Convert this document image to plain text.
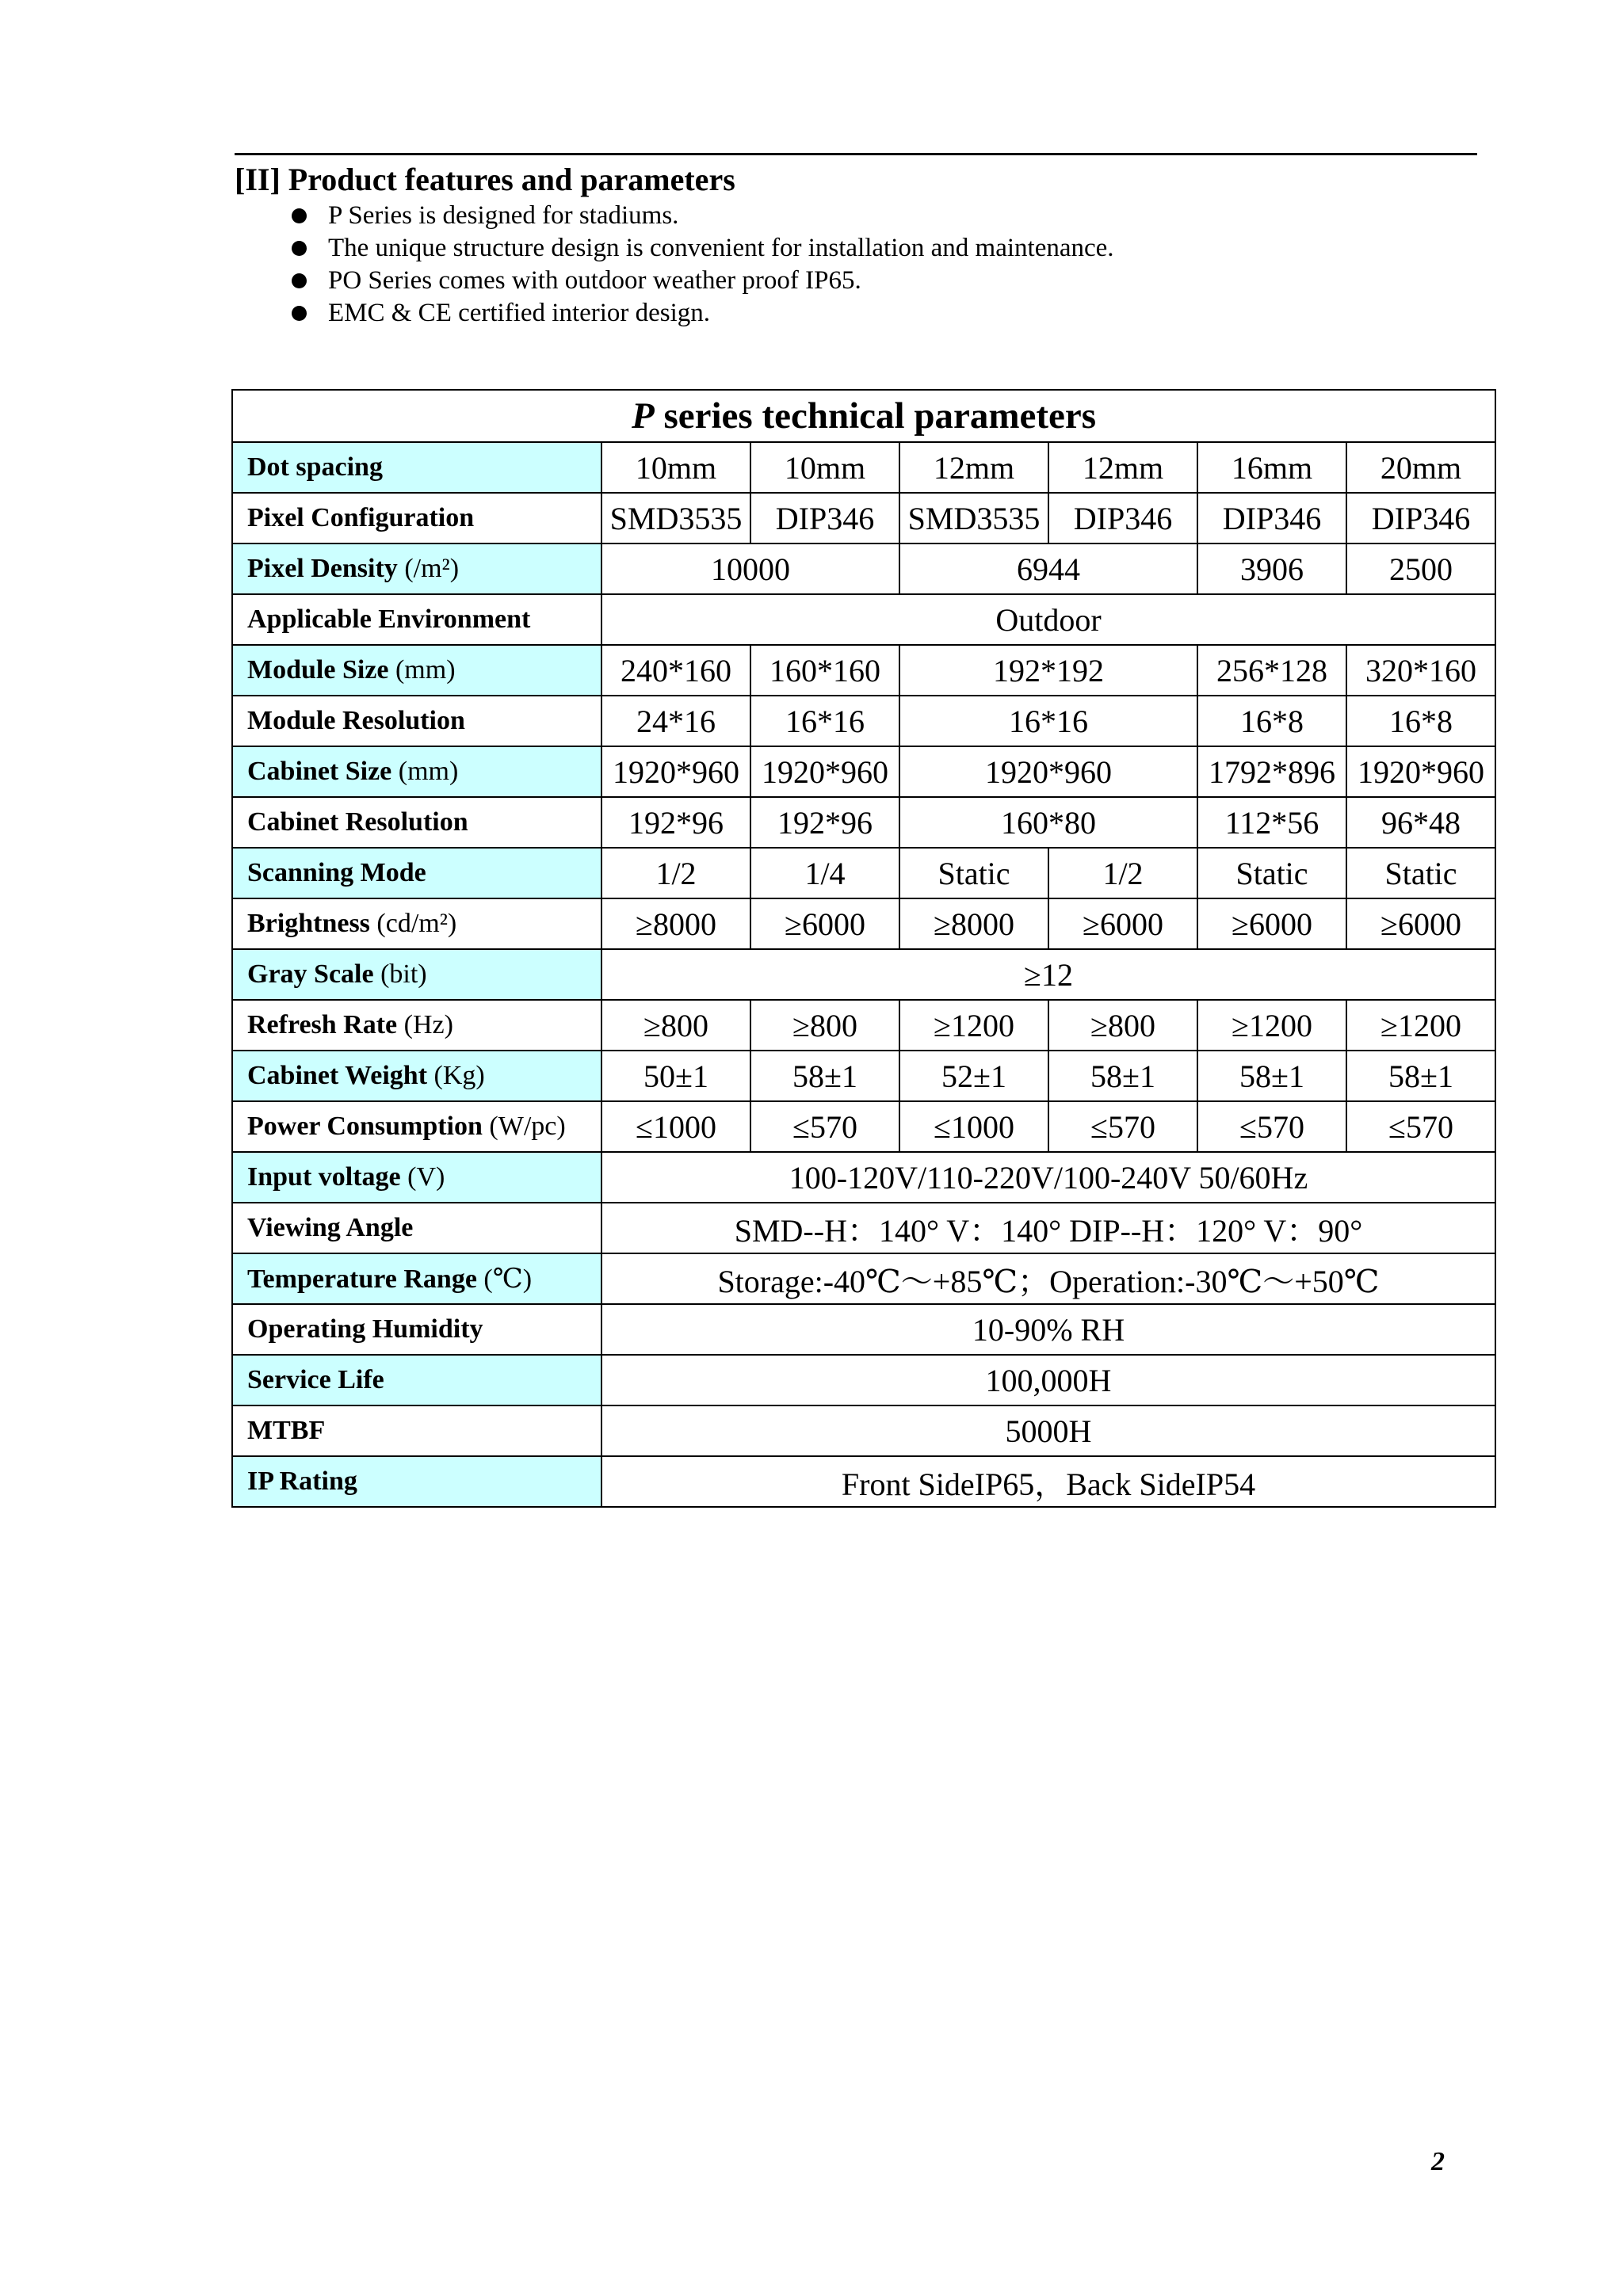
[II] Product features and parameters
P Series is designed for stadiums.
The unique structure design is convenient for installation and maintenance.
PO Series comes with outdoor weather proof IP65.
EMC & CE certified interior design.
P series technical parameters						
Dot spacing	10mm	10mm	12mm	12mm	16mm	20mm
Pixel Configuration	SMD3535	DIP346	SMD3535	DIP346	DIP346	DIP346
Pixel Density (/m²)	10000		6944		3906	2500
Applicable Environment	Outdoor					
Module Size (mm)	240*160	160*160	192*192		256*128	320*160
Module Resolution	24*16	16*16	16*16		16*8	16*8
Cabinet Size (mm)	1920*960	1920*960	1920*960		1792*896	1920*960
Cabinet Resolution	192*96	192*96	160*80		112*56	96*48
Scanning Mode	1/2	1/4	Static	1/2	Static	Static
Brightness (cd/m²)	≥8000	≥6000	≥8000	≥6000	≥6000	≥6000
Gray Scale (bit)	≥12					
Refresh Rate (Hz)	≥800	≥800	≥1200	≥800	≥1200	≥1200
Cabinet Weight (Kg)	50±1	58±1	52±1	58±1	58±1	58±1
Power Consumption (W/pc)	≤1000	≤570	≤1000	≤570	≤570	≤570
Input voltage (V)	100-120V/110-220V/100-240V 50/60Hz					
Viewing Angle	SMD--H：140° V：140° DIP--H：120° V：90°					
Temperature Range (℃)	Storage:-40℃～+85℃；Operation:-30℃～+50℃					
Operating Humidity	10-90% RH					
Service Life	100,000H					
MTBF	5000H					
IP Rating	Front SideIP65，Back SideIP54					
2
